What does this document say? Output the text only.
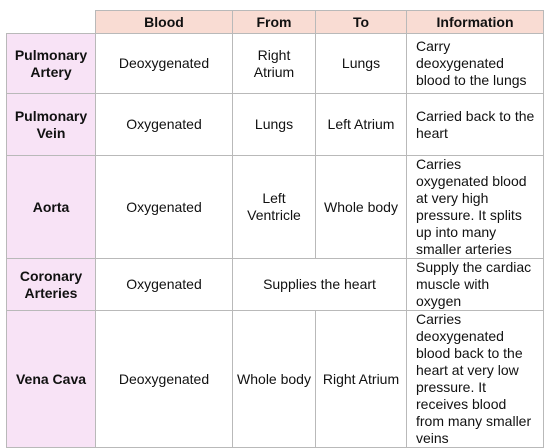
	Blood	From	To	Information
Pulmonary Artery	Deoxygenated	Right Atrium	Lungs	Carry deoxygenated blood to the lungs
Pulmonary Vein	Oxygenated	Lungs	Left Atrium	Carried back to the heart
Aorta	Oxygenated	Left Ventricle	Whole body	Carries oxygenated blood at very high pressure. It splits up into many smaller arteries
Coronary Arteries	Oxygenated	Supplies the heart		Supply the cardiac muscle with oxygen
Vena Cava	Deoxygenated	Whole body	Right Atrium	Carries deoxygenated blood back to the heart at very low pressure. It receives blood from many smaller veins
